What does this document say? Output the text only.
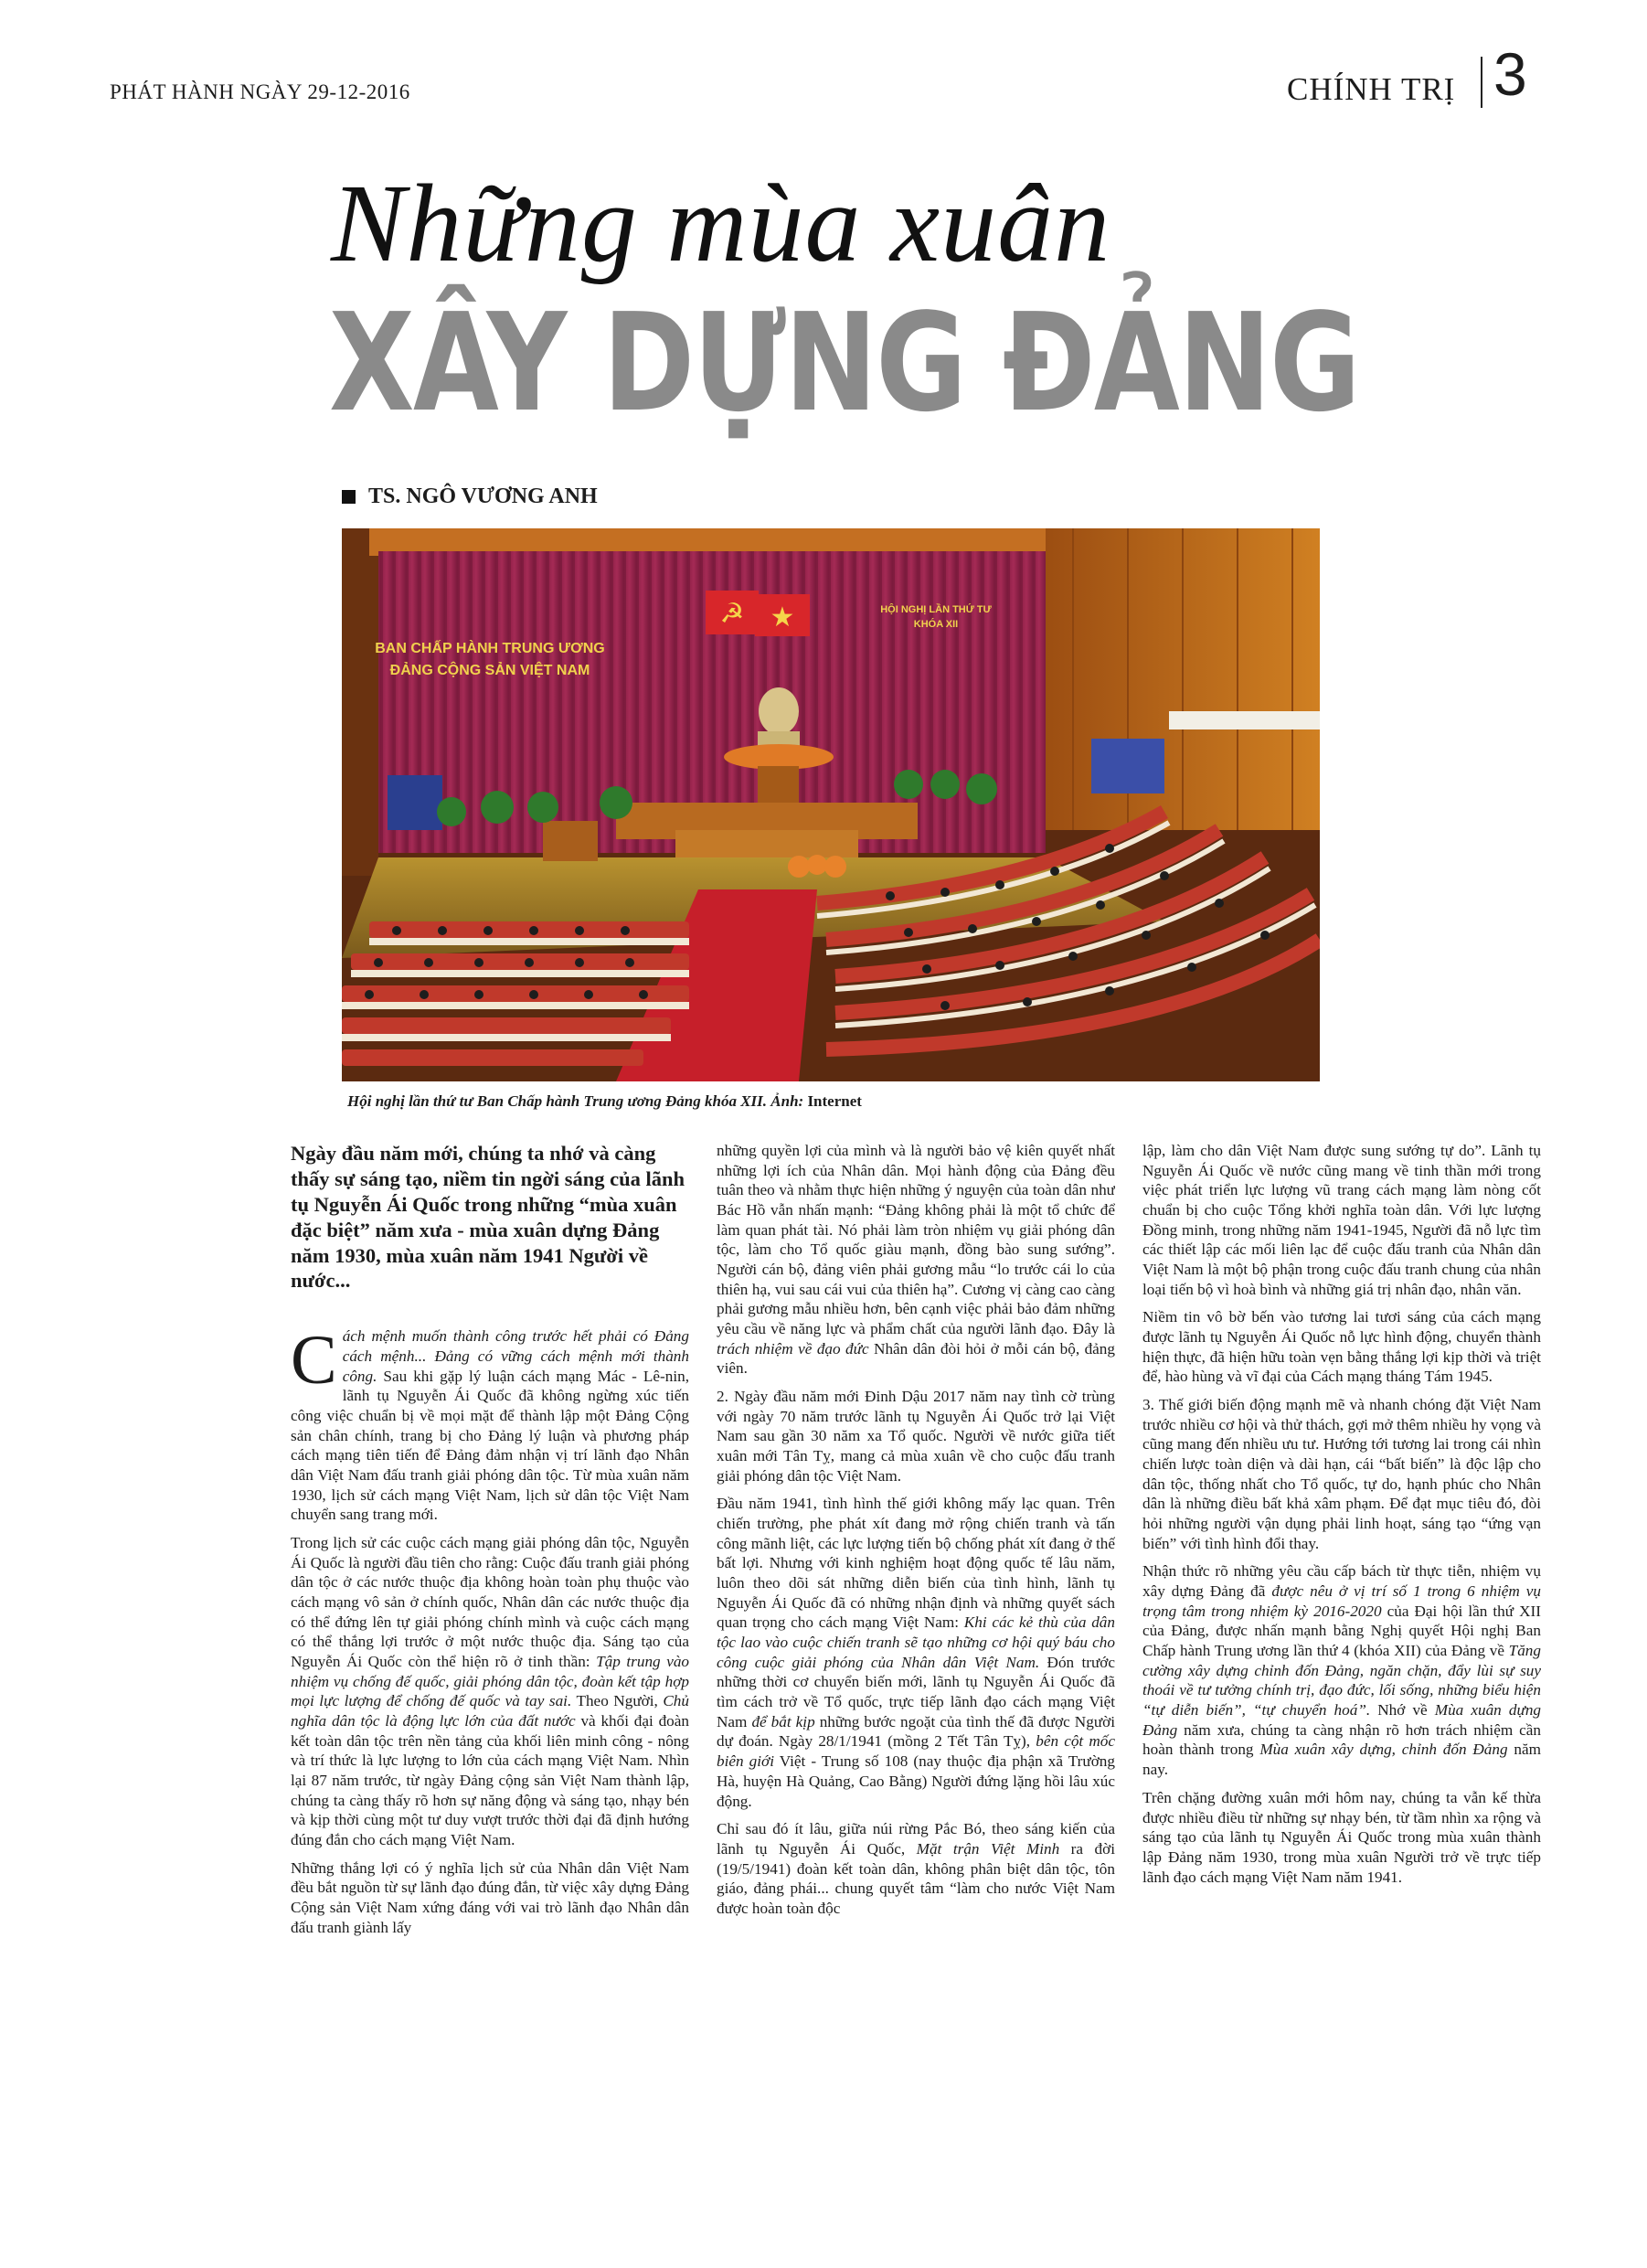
PHÁT HÀNH NGÀY 29-12-2016	CHÍNH TRỊ 3
Những mùa xuân
XÂY DỰNG ĐẢNG
TS. NGÔ VƯƠNG ANH
☭ ★
BAN CHẤP HÀNH TRUNG ƯƠNG
ĐẢNG CỘNG SẢN VIỆT NAM
HỘI NGHỊ LẦN THỨ TƯ
KHÓA XII
Hội nghị lần thứ tư Ban Chấp hành Trung ương Đảng khóa XII. Ảnh: Internet

Ngày đầu năm mới, chúng ta nhớ và càng thấy sự sáng tạo, niềm tin ngời sáng của lãnh tụ Nguyễn Ái Quốc trong những “mùa xuân đặc biệt” năm xưa - mùa xuân dựng Đảng năm 1930, mùa xuân năm 1941 Người về nước...

Cách mệnh muốn thành công trước hết phải có Đảng cách mệnh... Đảng có vững cách mệnh mới thành công. Sau khi gặp lý luận cách mạng Mác - Lê-nin, lãnh tụ Nguyễn Ái Quốc đã không ngừng xúc tiến công việc chuẩn bị về mọi mặt để thành lập một Đảng Cộng sản chân chính, trang bị cho Đảng lý luận và phương pháp cách mạng tiên tiến để Đảng đảm nhận vị trí lãnh đạo Nhân dân Việt Nam đấu tranh giải phóng dân tộc. Từ mùa xuân năm 1930, lịch sử cách mạng Việt Nam, lịch sử dân tộc Việt Nam chuyển sang trang mới.

Trong lịch sử các cuộc cách mạng giải phóng dân tộc, Nguyễn Ái Quốc là người đầu tiên cho rằng: Cuộc đấu tranh giải phóng dân tộc ở các nước thuộc địa không hoàn toàn phụ thuộc vào cách mạng vô sản ở chính quốc, Nhân dân các nước thuộc địa có thể đứng lên tự giải phóng chính mình và cuộc cách mạng có thể thắng lợi trước ở một nước thuộc địa. Sáng tạo của Nguyễn Ái Quốc còn thể hiện rõ ở tinh thần: Tập trung vào nhiệm vụ chống đế quốc, giải phóng dân tộc, đoàn kết tập hợp mọi lực lượng để chống đế quốc và tay sai. Theo Người, Chủ nghĩa dân tộc là động lực lớn của đất nước và khối đại đoàn kết toàn dân tộc trên nền tảng của khối liên minh công - nông và trí thức là lực lượng to lớn của cách mạng Việt Nam. Nhìn lại 87 năm trước, từ ngày Đảng cộng sản Việt Nam thành lập, chúng ta càng thấy rõ hơn sự năng động và sáng tạo, nhạy bén và kịp thời cùng một tư duy vượt trước thời đại đã định hướng đúng đắn cho cách mạng Việt Nam.

Những thắng lợi có ý nghĩa lịch sử của Nhân dân Việt Nam đều bắt nguồn từ sự lãnh đạo đúng đắn, từ việc xây dựng Đảng Cộng sản Việt Nam xứng đáng với vai trò lãnh đạo Nhân dân đấu tranh giành lấy

những quyền lợi của mình và là người bảo vệ kiên quyết nhất những lợi ích của Nhân dân. Mọi hành động của Đảng đều tuân theo và nhằm thực hiện những ý nguyện của toàn dân như Bác Hồ vẫn nhấn mạnh: “Đảng không phải là một tổ chức để làm quan phát tài. Nó phải làm tròn nhiệm vụ giải phóng dân tộc, làm cho Tổ quốc giàu mạnh, đồng bào sung sướng”. Người cán bộ, đảng viên phải gương mẫu “lo trước cái lo của thiên hạ, vui sau cái vui của thiên hạ”. Cương vị càng cao càng phải gương mẫu nhiều hơn, bên cạnh việc phải bảo đảm những yêu cầu về năng lực và phẩm chất của người lãnh đạo. Đây là trách nhiệm về đạo đức Nhân dân đòi hỏi ở mỗi cán bộ, đảng viên.

2. Ngày đầu năm mới Đinh Dậu 2017 năm nay tình cờ trùng với ngày 70 năm trước lãnh tụ Nguyễn Ái Quốc trở lại Việt Nam sau gần 30 năm xa Tổ quốc. Người về nước giữa tiết xuân mới Tân Tỵ, mang cả mùa xuân về cho cuộc đấu tranh giải phóng dân tộc Việt Nam.

Đầu năm 1941, tình hình thế giới không mấy lạc quan. Trên chiến trường, phe phát xít đang mở rộng chiến tranh và tấn công mãnh liệt, các lực lượng tiến bộ chống phát xít đang ở thế bất lợi. Nhưng với kinh nghiệm hoạt động quốc tế lâu năm, luôn theo dõi sát những diễn biến của tình hình, lãnh tụ Nguyễn Ái Quốc đã có những nhận định và những quyết sách quan trọng cho cách mạng Việt Nam: Khi các kẻ thù của dân tộc lao vào cuộc chiến tranh sẽ tạo những cơ hội quý báu cho công cuộc giải phóng của Nhân dân Việt Nam. Đón trước những thời cơ chuyển biến mới, lãnh tụ Nguyễn Ái Quốc đã tìm cách trở về Tổ quốc, trực tiếp lãnh đạo cách mạng Việt Nam để bắt kịp những bước ngoặt của tình thế đã được Người dự đoán. Ngày 28/1/1941 (mồng 2 Tết Tân Tỵ), bên cột mốc biên giới Việt - Trung số 108 (nay thuộc địa phận xã Trường Hà, huyện Hà Quảng, Cao Bằng) Người đứng lặng hồi lâu xúc động.

Chỉ sau đó ít lâu, giữa núi rừng Pắc Bó, theo sáng kiến của lãnh tụ Nguyễn Ái Quốc, Mặt trận Việt Minh ra đời (19/5/1941) đoàn kết toàn dân, không phân biệt dân tộc, tôn giáo, đảng phái... chung quyết tâm “làm cho nước Việt Nam được hoàn toàn độc

lập, làm cho dân Việt Nam được sung sướng tự do”. Lãnh tụ Nguyễn Ái Quốc về nước cũng mang về tinh thần mới trong việc phát triển lực lượng vũ trang cách mạng làm nòng cốt chuẩn bị cho cuộc Tổng khởi nghĩa toàn dân. Với lực lượng Đồng minh, trong những năm 1941-1945, Người đã nỗ lực tìm các thiết lập các mối liên lạc để cuộc đấu tranh của Nhân dân Việt Nam là một bộ phận trong cuộc đấu tranh chung của nhân loại tiến bộ vì hoà bình và những giá trị nhân đạo, nhân văn.

Niềm tin vô bờ bến vào tương lai tươi sáng của cách mạng được lãnh tụ Nguyễn Ái Quốc nỗ lực hình động, chuyển thành hiện thực, đã hiện hữu toàn vẹn bằng thắng lợi kịp thời và triệt để, hào hùng và vĩ đại của Cách mạng tháng Tám 1945.

3. Thế giới biến động mạnh mẽ và nhanh chóng đặt Việt Nam trước nhiều cơ hội và thử thách, gợi mở thêm nhiều hy vọng và cũng mang đến nhiều ưu tư. Hướng tới tương lai trong cái nhìn chiến lược toàn diện và dài hạn, cái “bất biến” là độc lập cho dân tộc, thống nhất cho Tổ quốc, tự do, hạnh phúc cho Nhân dân là những điều bất khả xâm phạm. Để đạt mục tiêu đó, đòi hỏi những người vận dụng phải linh hoạt, sáng tạo “ứng vạn biến” với tình hình đổi thay.

Nhận thức rõ những yêu cầu cấp bách từ thực tiễn, nhiệm vụ xây dựng Đảng đã được nêu ở vị trí số 1 trong 6 nhiệm vụ trọng tâm trong nhiệm kỳ 2016-2020 của Đại hội lần thứ XII của Đảng, được nhấn mạnh bằng Nghị quyết Hội nghị Ban Chấp hành Trung ương lần thứ 4 (khóa XII) của Đảng về Tăng cường xây dựng chỉnh đốn Đảng, ngăn chặn, đẩy lùi sự suy thoái về tư tưởng chính trị, đạo đức, lối sống, những biểu hiện “tự diễn biến”, “tự chuyển hoá”. Nhớ về Mùa xuân dựng Đảng năm xưa, chúng ta càng nhận rõ hơn trách nhiệm cần hoàn thành trong Mùa xuân xây dựng, chỉnh đốn Đảng năm nay.

Trên chặng đường xuân mới hôm nay, chúng ta vẫn kế thừa được nhiều điều từ những sự nhạy bén, từ tầm nhìn xa rộng và sáng tạo của lãnh tụ Nguyễn Ái Quốc trong mùa xuân thành lập Đảng năm 1930, trong mùa xuân Người trở về trực tiếp lãnh đạo cách mạng Việt Nam năm 1941.
